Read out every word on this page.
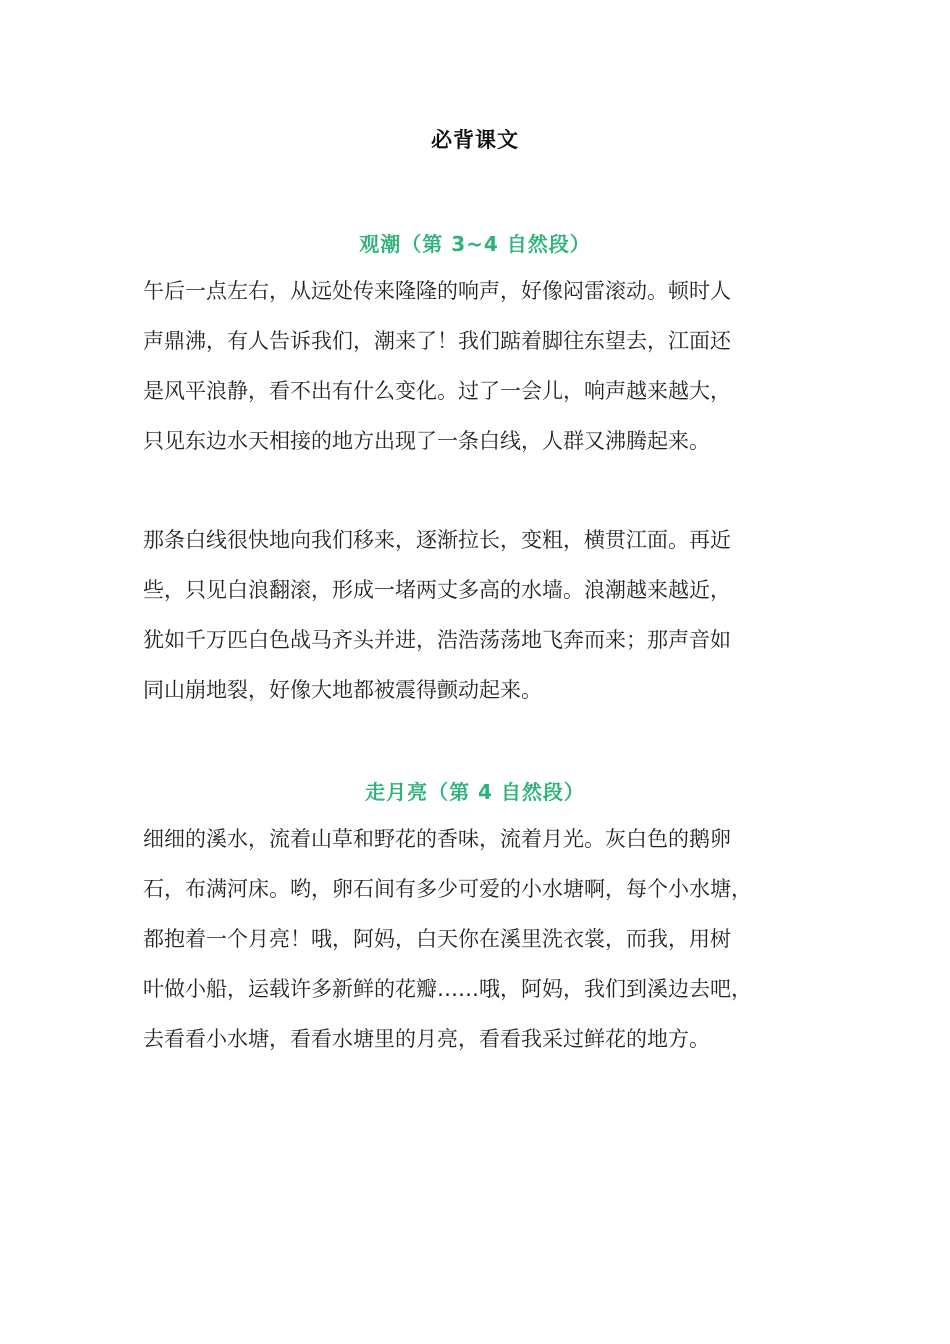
必背课文
观潮（第 3~4 自然段）

午后一点左右，从远处传来隆隆的响声，好像闷雷滚动。顿时人
声鼎沸，有人告诉我们，潮来了！我们踮着脚往东望去，江面还
是风平浪静，看不出有什么变化。过了一会儿，响声越来越大，
只见东边水天相接的地方出现了一条白线，人群又沸腾起来。

那条白线很快地向我们移来，逐渐拉长，变粗，横贯江面。再近
些，只见白浪翻滚，形成一堵两丈多高的水墙。浪潮越来越近，
犹如千万匹白色战马齐头并进，浩浩荡荡地飞奔而来；那声音如
同山崩地裂，好像大地都被震得颤动起来。

走月亮（第 4 自然段）

细细的溪水，流着山草和野花的香味，流着月光。灰白色的鹅卵
石，布满河床。哟，卵石间有多少可爱的小水塘啊，每个小水塘，
都抱着一个月亮！哦，阿妈，白天你在溪里洗衣裳，而我，用树
叶做小船，运载许多新鲜的花瓣……哦，阿妈，我们到溪边去吧，
去看看小水塘，看看水塘里的月亮，看看我采过鲜花的地方。
